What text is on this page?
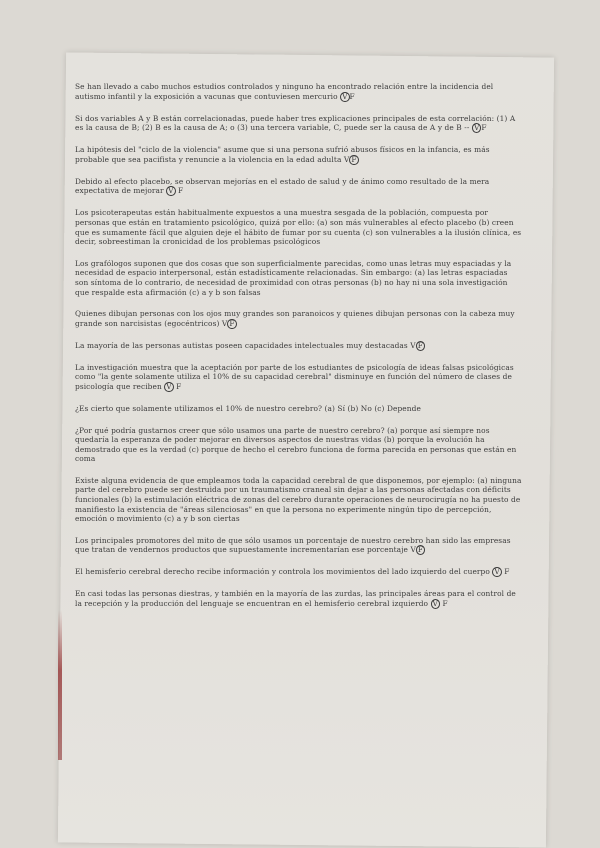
Se han llevado a cabo muchos estudios controlados y ninguno ha encontrado relación entre la incidencia del autismo infantil y la exposición a vacunas que contuviesen mercurio V F

Si dos variables A y B están correlacionadas, puede haber tres explicaciones principales de esta correlación: (1) A es la causa de B; (2) B es la causa de A; o (3) una tercera variable, C, puede ser la causa de A y de B -- V F

La hipótesis del "ciclo de la violencia" asume que si una persona sufrió abusos físicos en la infancia, es más probable que sea pacifista y renuncie a la violencia en la edad adulta V F

Debido al efecto placebo, se observan mejorías en el estado de salud y de ánimo como resultado de la mera expectativa de mejorar V F

Los psicoterapeutas están habitualmente expuestos a una muestra sesgada de la población, compuesta por personas que están en tratamiento psicológico, quizá por ello: (a) son más vulnerables al efecto placebo (b) creen que es sumamente fácil que alguien deje el hábito de fumar por su cuenta (c) son vulnerables a la ilusión clínica, es decir, sobreestiman la cronicidad de los problemas psicológicos

Los grafólogos suponen que dos cosas que son superficialmente parecidas, como unas letras muy espaciadas y la necesidad de espacio interpersonal, están estadísticamente relacionadas. Sin embargo: (a) las letras espaciadas son síntoma de lo contrario, de necesidad de proximidad con otras personas (b) no hay ni una sola investigación que respalde esta afirmación (c) a y b son falsas

Quienes dibujan personas con los ojos muy grandes son paranoicos y quienes dibujan personas con la cabeza muy grande son narcisistas (egocéntricos) V F

La mayoría de las personas autistas poseen capacidades intelectuales muy destacadas V F

La investigación muestra que la aceptación por parte de los estudiantes de psicología de ideas falsas psicológicas como "la gente solamente utiliza el 10% de su capacidad cerebral" disminuye en función del número de clases de psicología que reciben V F

¿Es cierto que solamente utilizamos el 10% de nuestro cerebro? (a) Sí (b) No (c) Depende

¿Por qué podría gustarnos creer que sólo usamos una parte de nuestro cerebro? (a) porque así siempre nos quedaría la esperanza de poder mejorar en diversos aspectos de nuestras vidas (b) porque la evolución ha demostrado que es la verdad (c) porque de hecho el cerebro funciona de forma parecida en personas que están en coma

Existe alguna evidencia de que empleamos toda la capacidad cerebral de que disponemos, por ejemplo: (a) ninguna parte del cerebro puede ser destruida por un traumatismo craneal sin dejar a las personas afectadas con déficits funcionales (b) la estimulación eléctrica de zonas del cerebro durante operaciones de neurocirugía no ha puesto de manifiesto la existencia de "áreas silenciosas" en que la persona no experimente ningún tipo de percepción, emoción o movimiento (c) a y b son ciertas

Los principales promotores del mito de que sólo usamos un porcentaje de nuestro cerebro han sido las empresas que tratan de vendernos productos que supuestamente incrementarían ese porcentaje V F

El hemisferio cerebral derecho recibe información y controla los movimientos del lado izquierdo del cuerpo V F

En casi todas las personas diestras, y también en la mayoría de las zurdas, las principales áreas para el control de la recepción y la producción del lenguaje se encuentran en el hemisferio cerebral izquierdo V F
